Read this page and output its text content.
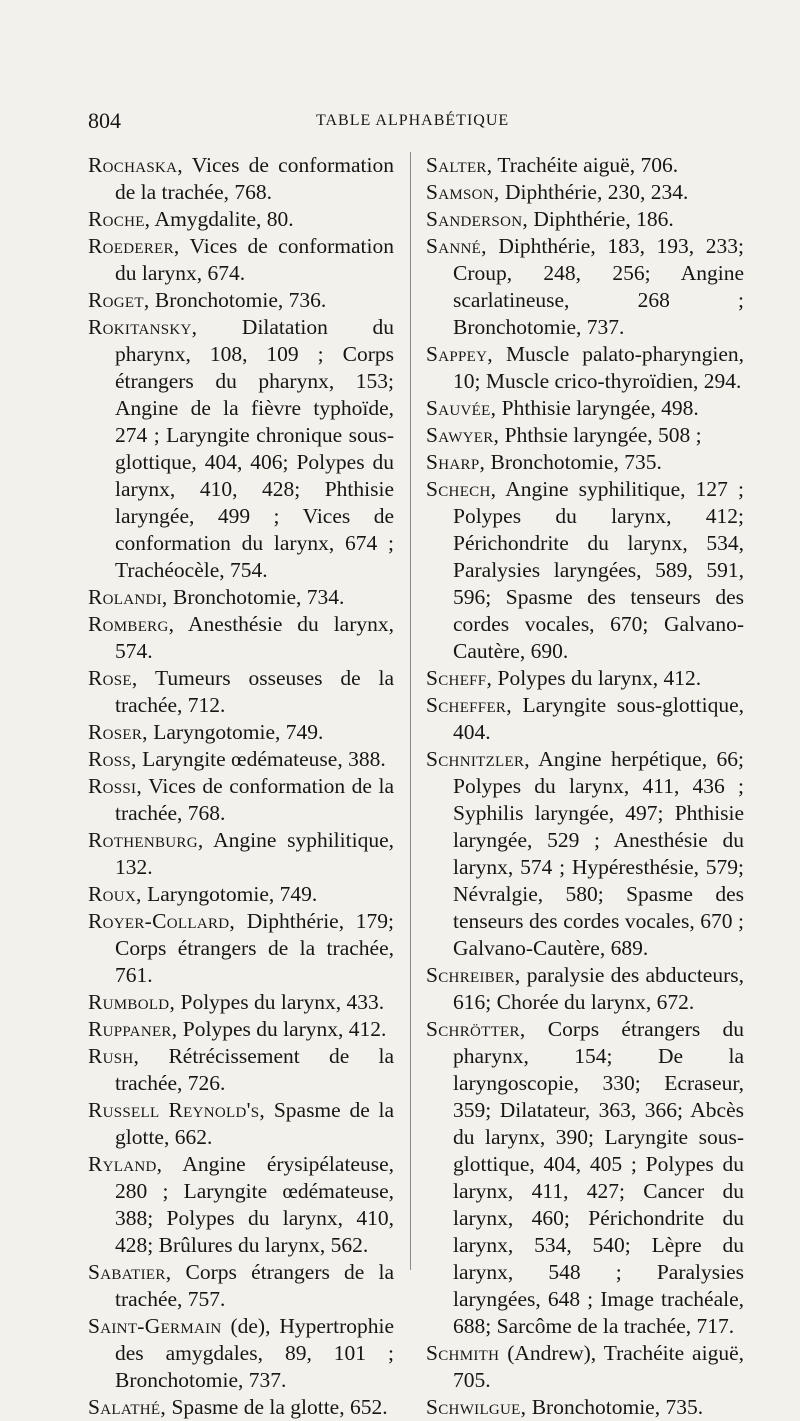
804	TABLE ALPHABÉTIQUE

Rochaska, Vices de conformation de la trachée, 768.

Roche, Amygdalite, 80.

Roederer, Vices de conformation du larynx, 674.

Roget, Bronchotomie, 736.

Rokitansky, Dilatation du pharynx, 108, 109 ; Corps étrangers du pharynx, 153; Angine de la fièvre typhoïde, 274 ; Laryngite chronique sous-glottique, 404, 406; Polypes du larynx, 410, 428; Phthisie laryngée, 499 ; Vices de conformation du larynx, 674 ; Trachéocèle, 754.

Rolandi, Bronchotomie, 734.

Romberg, Anesthésie du larynx, 574.

Rose, Tumeurs osseuses de la trachée, 712.

Roser, Laryngotomie, 749.

Ross, Laryngite œdémateuse, 388.

Rossi, Vices de conformation de la trachée, 768.

Rothenburg, Angine syphilitique, 132.

Roux, Laryngotomie, 749.

Royer-Collard, Diphthérie, 179; Corps étrangers de la trachée, 761.

Rumbold, Polypes du larynx, 433.

Ruppaner, Polypes du larynx, 412.

Rush, Rétrécissement de la trachée, 726.

Russell Reynold's, Spasme de la glotte, 662.

Ryland, Angine érysipélateuse, 280 ; Laryngite œdémateuse, 388; Polypes du larynx, 410, 428; Brûlures du larynx, 562.

Sabatier, Corps étrangers de la trachée, 757.

Saint-Germain (de), Hypertrophie des amygdales, 89, 101 ; Bronchotomie, 737.

Salathé, Spasme de la glotte, 652.

Salter, Trachéite aiguë, 706.

Samson, Diphthérie, 230, 234.

Sanderson, Diphthérie, 186.

Sanné, Diphthérie, 183, 193, 233; Croup, 248, 256; Angine scarlatineuse, 268 ; Bronchotomie, 737.

Sappey, Muscle palato-pharyngien, 10; Muscle crico-thyroïdien, 294.

Sauvée, Phthisie laryngée, 498.

Sawyer, Phthsie laryngée, 508 ;

Sharp, Bronchotomie, 735.

Schech, Angine syphilitique, 127 ; Polypes du larynx, 412; Périchondrite du larynx, 534, Paralysies laryngées, 589, 591, 596; Spasme des tenseurs des cordes vocales, 670; Galvano-Cautère, 690.

Scheff, Polypes du larynx, 412.

Scheffer, Laryngite sous-glottique, 404.

Schnitzler, Angine herpétique, 66; Polypes du larynx, 411, 436 ; Syphilis laryngée, 497; Phthisie laryngée, 529 ; Anesthésie du larynx, 574 ; Hypéresthésie, 579; Névralgie, 580; Spasme des tenseurs des cordes vocales, 670 ; Galvano-Cautère, 689.

Schreiber, paralysie des abducteurs, 616; Chorée du larynx, 672.

Schrötter, Corps étrangers du pharynx, 154; De la laryngoscopie, 330; Ecraseur, 359; Dilatateur, 363, 366; Abcès du larynx, 390; Laryngite sous-glottique, 404, 405 ; Polypes du larynx, 411, 427; Cancer du larynx, 460; Périchondrite du larynx, 534, 540; Lèpre du larynx, 548 ; Paralysies laryngées, 648 ; Image trachéale, 688; Sarcôme de la trachée, 717.

Schmith (Andrew), Trachéite aiguë, 705.

Schwilgue, Bronchotomie, 735.
